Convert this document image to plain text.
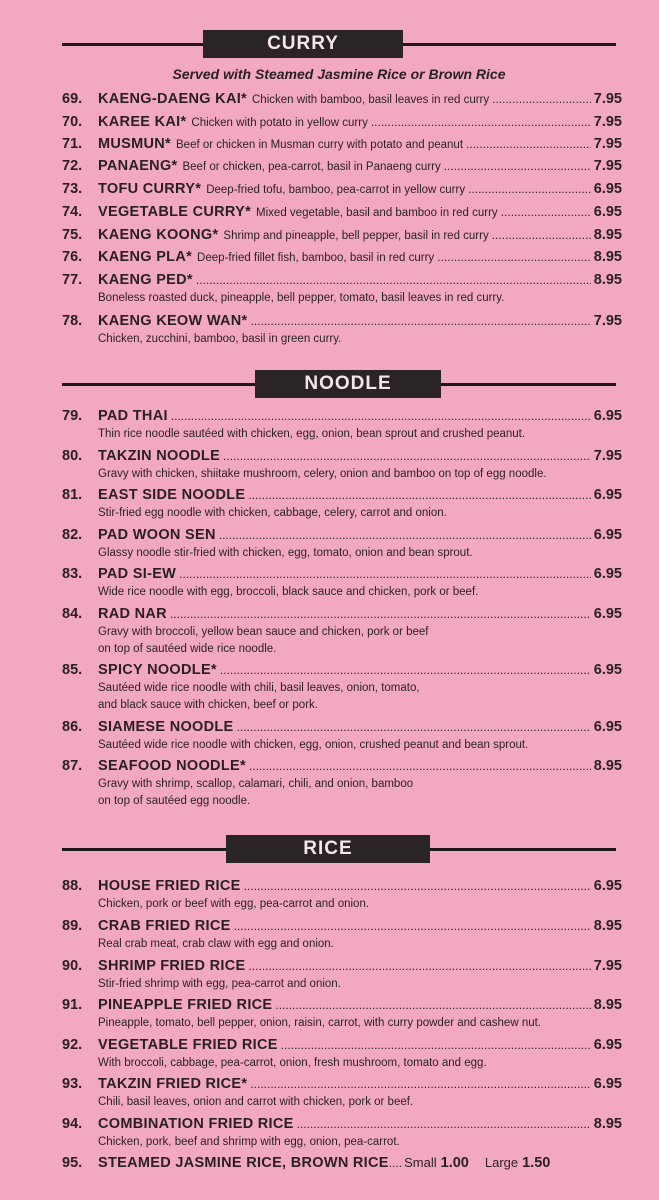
CURRY
Served with Steamed Jasmine Rice or Brown Rice
69.	KAENG-DAENG KAI* Chicken with bamboo, basil leaves in red curry .....	7.95
70.	KAREE KAI* Chicken with potato in yellow curry .....	7.95
71.	MUSMUN* Beef or chicken in Musman curry with potato and peanut .....	7.95
72.	PANAENG* Beef or chicken, pea-carrot, basil in Panaeng curry .....	7.95
73.	TOFU CURRY* Deep-fried tofu, bamboo, pea-carrot in yellow curry .....	6.95
74.	VEGETABLE CURRY* Mixed vegetable, basil and bamboo in red curry .....	6.95
75.	KAENG KOONG* Shrimp and pineapple, bell pepper, basil in red curry .....	8.95
76.	KAENG PLA* Deep-fried fillet fish, bamboo, basil in red curry .....	8.95
77.	KAENG PED* .....	8.95
Boneless roasted duck, pineapple, bell pepper, tomato, basil leaves in red curry.
78.	KAENG KEOW WAN* .....	7.95
Chicken, zucchini, bamboo, basil in green curry.
NOODLE
79.	PAD THAI .....	6.95
Thin rice noodle sautéed with chicken, egg, onion, bean sprout and crushed peanut.
80.	TAKZIN NOODLE .....	7.95
Gravy with chicken, shiitake mushroom, celery, onion and bamboo on top of egg noodle.
81.	EAST SIDE NOODLE .....	6.95
Stir-fried egg noodle with chicken, cabbage, celery, carrot and onion.
82.	PAD WOON SEN .....	6.95
Glassy noodle stir-fried with chicken, egg, tomato, onion and bean sprout.
83.	PAD SI-EW .....	6.95
Wide rice noodle with egg, broccoli, black sauce and chicken, pork or beef.
84.	RAD NAR .....	6.95
Gravy with broccoli, yellow bean sauce and chicken, pork or beef
on top of sautéed wide rice noodle.
85.	SPICY NOODLE* .....	6.95
Sautéed wide rice noodle with chili, basil leaves, onion, tomato,
and black sauce with chicken, beef or pork.
86.	SIAMESE NOODLE .....	6.95
Sautéed wide rice noodle with chicken, egg, onion, crushed peanut and bean sprout.
87.	SEAFOOD NOODLE* .....	8.95
Gravy with shrimp, scallop, calamari, chili, and onion, bamboo
on top of sautéed egg noodle.
RICE
88.	HOUSE FRIED RICE .....	6.95
Chicken, pork or beef with egg, pea-carrot and onion.
89.	CRAB FRIED RICE .....	8.95
Real crab meat, crab claw with egg and onion.
90.	SHRIMP FRIED RICE .....	7.95
Stir-fried shrimp with egg, pea-carrot and onion.
91.	PINEAPPLE FRIED RICE .....	8.95
Pineapple, tomato, bell pepper, onion, raisin, carrot, with curry powder and cashew nut.
92.	VEGETABLE FRIED RICE .....	6.95
With broccoli, cabbage, pea-carrot, onion, fresh mushroom, tomato and egg.
93.	TAKZIN FRIED RICE* .....	6.95
Chili, basil leaves, onion and carrot with chicken, pork or beef.
94.	COMBINATION FRIED RICE .....	8.95
Chicken, pork, beef and shrimp with egg, onion, pea-carrot.
95.	STEAMED JASMINE RICE, BROWN RICE .... Small 1.00 Large 1.50
